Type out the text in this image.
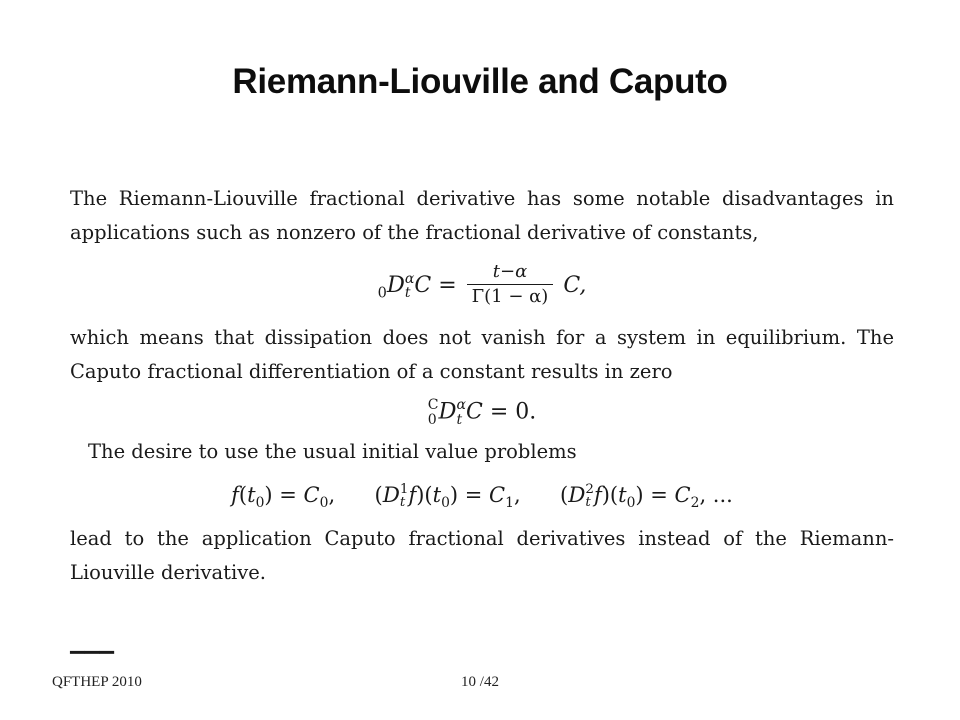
Riemann-Liouville and Caputo

The Riemann-Liouville fractional derivative has some notable disadvantages in applications such as nonzero of the fractional derivative of constants,

$_0$D α
t $C = \frac{t-\alpha}{\Gamma(1 - \alpha)} C$,

which means that dissipation does not vanish for a system in equilibrium. The Caputo fractional differentiation of a constant results in zero

C
0 D α
t C = 0.

The desire to use the usual initial value problems

$f(t_0) = C_0$, (D 1
t $f)(t_0) = C_1$, (D 2
t $f)(t_0) = C_2$, ...

lead to the application Caputo fractional derivatives instead of the Riemann-Liouville derivative.

▁▁▁
QFTHEP 2010	10 /42
